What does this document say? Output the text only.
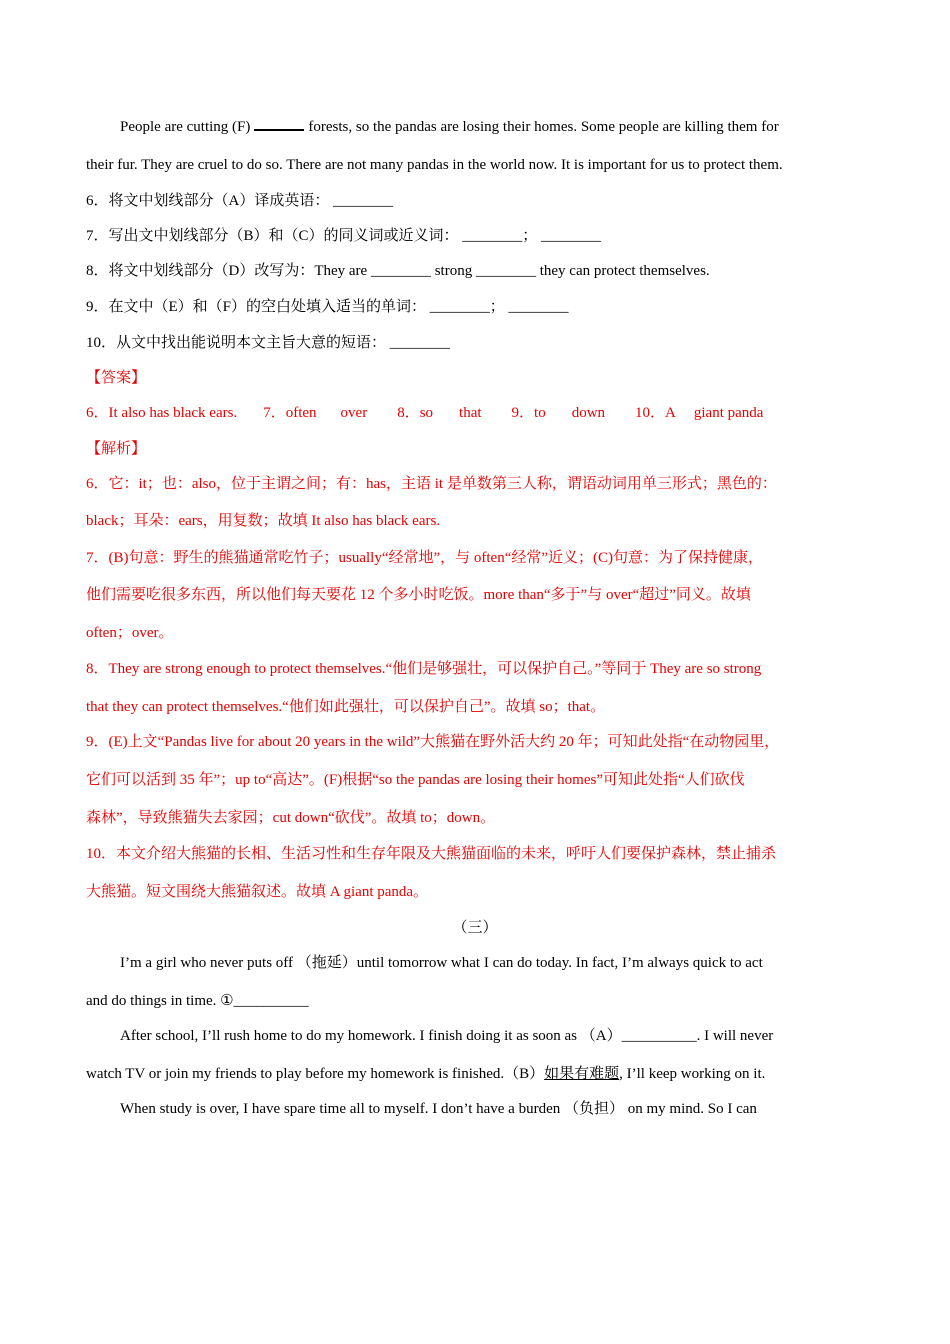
People are cutting (F)	forests, so the pandas are losing their homes. Some people are killing them for
their fur. They are cruel to do so. There are not many pandas in the world now. It is important for us to protect them.
6．将文中划线部分（A）译成英语： ________
7．写出文中划线部分（B）和（C）的同义词或近义词： ________； ________
8．将文中划线部分（D）改写为：They are ________ strong ________ they can protect themselves.
9．在文中（E）和（F）的空白处填入适当的单词： ________； ________
10．从文中找出能说明本文主旨大意的短语： ________
【答案】
6．It also has black ears. 7．often over 8．so that 9．to down 10．A giant panda
【解析】
6．它：it；也：also，位于主谓之间；有：has，主语 it 是单数第三人称，谓语动词用单三形式；黑色的：
black；耳朵：ears，用复数；故填 It also has black ears.
7．(B)句意：野生的熊猫通常吃竹子；usually“经常地”，与 often“经常”近义；(C)句意：为了保持健康，
他们需要吃很多东西，所以他们每天要花 12 个多小时吃饭。more than“多于”与 over“超过”同义。故填
often；over。
8．They are strong enough to protect themselves.“他们是够强壮，可以保护自己。”等同于 They are so strong
that they can protect themselves.“他们如此强壮，可以保护自己”。故填 so；that。
9．(E)上文“Pandas live for about 20 years in the wild”大熊猫在野外活大约 20 年；可知此处指“在动物园里，
它们可以活到 35 年”；up to“高达”。(F)根据“so the pandas are losing their homes”可知此处指“人们砍伐
森林”，导致熊猫失去家园；cut down“砍伐”。故填 to；down。
10．本文介绍大熊猫的长相、生活习性和生存年限及大熊猫面临的未来，呼吁人们要保护森林，禁止捕杀
大熊猫。短文围绕大熊猫叙述。故填 A giant panda。
（三）
I’m a girl who never puts off （拖延）until tomorrow what I can do today. In fact, I’m always quick to act
and do things in time. ①__________
After school, I’ll rush home to do my homework. I finish doing it as soon as （A）__________. I will never
watch TV or join my friends to play before my homework is finished.（B）如果有难题, I’ll keep working on it.
When study is over, I have spare time all to myself. I don’t have a burden （负担） on my mind. So I can
